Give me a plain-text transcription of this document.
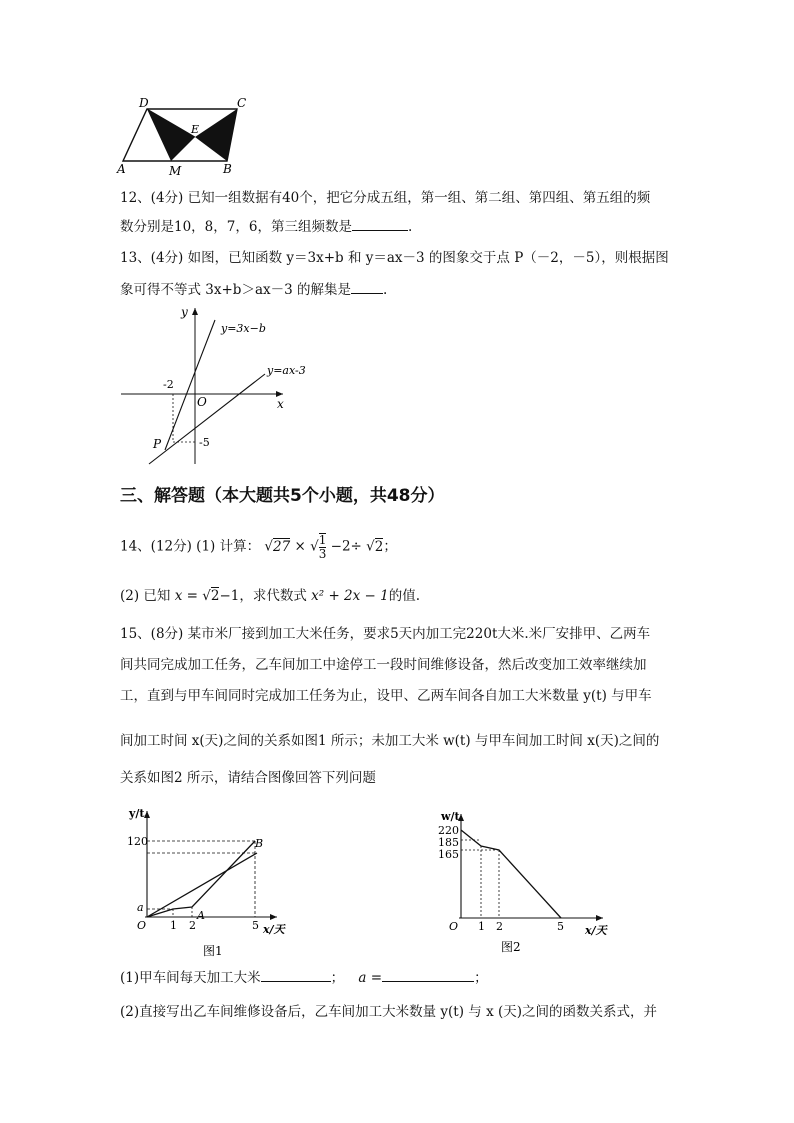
D	C
E
A	M	B
12、(4分) 已知一组数据有40个，把它分成五组，第一组、第二组、第四组、第五组的频
数分别是10，8，7，6，第三组频数是	.
13、(4分) 如图，已知函数 y＝3x+b 和 y＝ax－3 的图象交于点 P（－2，－5），则根据图
象可得不等式 3x+b＞ax－3 的解集是 .
y
x
O
y=3x−b
y=ax-3
-2
-5
P
三、解答题（本大题共5个小题，共48分）
14、(12分) (1) 计算： √27 × √ $\frac{1}{3} -2\div √2$；
(2) 已知 x = √2−1，求代数式 x² + 2x − 1的值.
15、(8分) 某市米厂接到加工大米任务，要求5天内加工完220t大米.米厂安排甲、乙两车
间共同完成加工任务，乙车间加工中途停工一段时间维修设备，然后改变加工效率继续加
工，直到与甲车间同时完成加工任务为止，设甲、乙两车间各自加工大米数量 y(t) 与甲车
间加工时间 x(天)之间的关系如图1 所示；未加工大米 w(t) 与甲车间加工时间 x(天)之间的
关系如图2 所示，请结合图像回答下列问题
y/t
x/天
120
a
O 1 2	5
A
B
图1
w/t
x/天
220
185
165
O 1 2	5
图2
(1)甲车间每天加工大米	； a =	；
(2)直接写出乙车间维修设备后，乙车间加工大米数量 y(t) 与 x (天)之间的函数关系式，并
